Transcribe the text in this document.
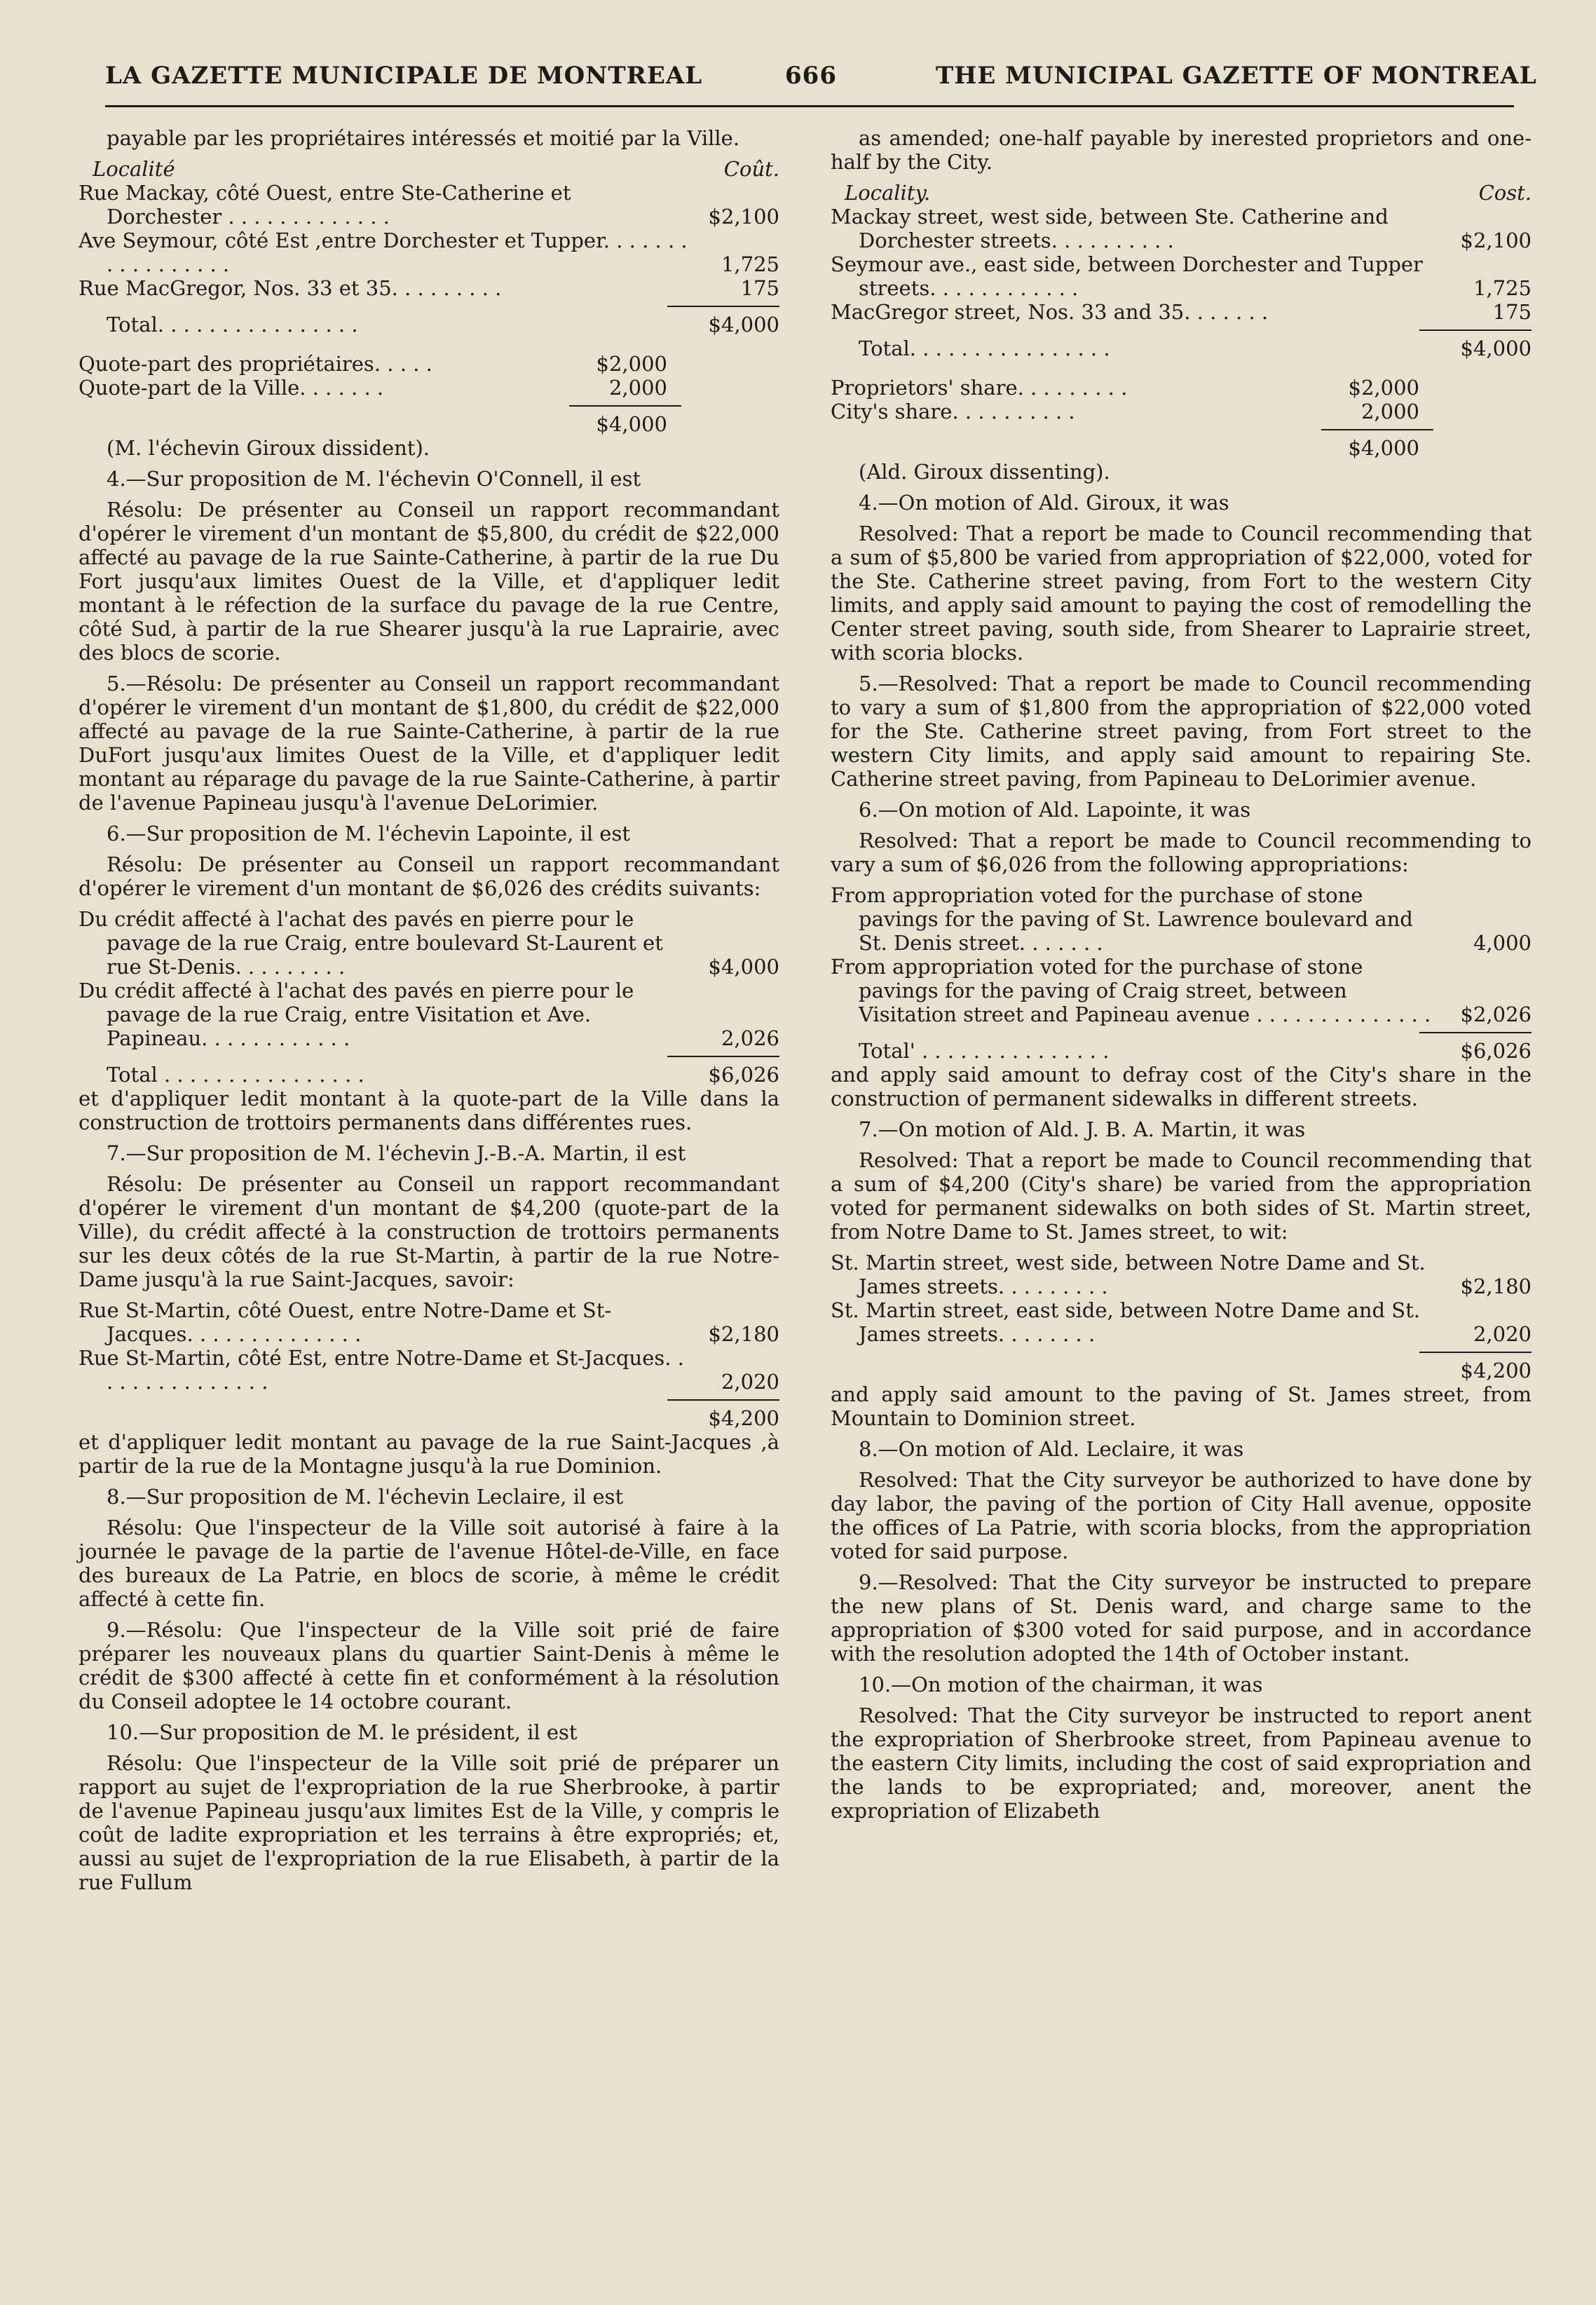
LA GAZETTE MUNICIPALE DE MONTREAL	666	THE MUNICIPAL GAZETTE OF MONTREAL

payable par les propriétaires intéressés et moitié par la Ville.

Localité	Coût.
Rue Mackay, côté Ouest, entre Ste-Catherine et Dorchester . . . . . . . . . . . . .	$2,100
Ave Seymour, côté Est ,entre Dorchester et Tupper. . . . . . . . . . . . . . . . .	1,725
Rue MacGregor, Nos. 33 et 35. . . . . . . . .	175
Total. . . . . . . . . . . . . . . .	$4,000
Quote-part des propriétaires. . . . .	$2,000
Quote-part de la Ville. . . . . . .	2,000
$4,000

(M. l'échevin Giroux dissident).

4.—Sur proposition de M. l'échevin O'Connell, il est

Résolu: De présenter au Conseil un rapport recommandant d'opérer le virement d'un montant de $5,800, du crédit de $22,000 affecté au pavage de la rue Sainte-Catherine, à partir de la rue Du Fort jusqu'aux limites Ouest de la Ville, et d'appliquer ledit montant à le réfection de la surface du pavage de la rue Centre, côté Sud, à partir de la rue Shearer jusqu'à la rue Laprairie, avec des blocs de scorie.

5.—Résolu: De présenter au Conseil un rapport recommandant d'opérer le virement d'un montant de $1,800, du crédit de $22,000 affecté au pavage de la rue Sainte-Catherine, à partir de la rue DuFort jusqu'aux limites Ouest de la Ville, et d'appliquer ledit montant au réparage du pavage de la rue Sainte-Catherine, à partir de l'avenue Papineau jusqu'à l'avenue DeLorimier.

6.—Sur proposition de M. l'échevin Lapointe, il est

Résolu: De présenter au Conseil un rapport recommandant d'opérer le virement d'un montant de $6,026 des crédits suivants:

Du crédit affecté à l'achat des pavés en pierre pour le pavage de la rue Craig, entre boulevard St-Laurent et rue St-Denis. . . . . . . . .	$4,000
Du crédit affecté à l'achat des pavés en pierre pour le pavage de la rue Craig, entre Visitation et Ave. Papineau. . . . . . . . . . . .	2,026
Total . . . . . . . . . . . . . . . .	$6,026

et d'appliquer ledit montant à la quote-part de la Ville dans la construction de trottoirs permanents dans différentes rues.

7.—Sur proposition de M. l'échevin J.-B.-A. Martin, il est

Résolu: De présenter au Conseil un rapport recommandant d'opérer le virement d'un montant de $4,200 (quote-part de la Ville), du crédit affecté à la construction de trottoirs permanents sur les deux côtés de la rue St-Martin, à partir de la rue Notre-Dame jusqu'à la rue Saint-Jacques, savoir:

Rue St-Martin, côté Ouest, entre Notre-Dame et St-Jacques. . . . . . . . . . . . . .	$2,180
Rue St-Martin, côté Est, entre Notre-Dame et St-Jacques. . . . . . . . . . . . . . .	2,020
$4,200

et d'appliquer ledit montant au pavage de la rue Saint-Jacques ,à partir de la rue de la Montagne jusqu'à la rue Dominion.

8.—Sur proposition de M. l'échevin Leclaire, il est

Résolu: Que l'inspecteur de la Ville soit autorisé à faire à la journée le pavage de la partie de l'avenue Hôtel-de-Ville, en face des bureaux de La Patrie, en blocs de scorie, à même le crédit affecté à cette fin.

9.—Résolu: Que l'inspecteur de la Ville soit prié de faire préparer les nouveaux plans du quartier Saint-Denis à même le crédit de $300 affecté à cette fin et conformément à la résolution du Conseil adoptee le 14 octobre courant.

10.—Sur proposition de M. le président, il est

Résolu: Que l'inspecteur de la Ville soit prié de préparer un rapport au sujet de l'expropriation de la rue Sherbrooke, à partir de l'avenue Papineau jusqu'aux limites Est de la Ville, y compris le coût de ladite expropriation et les terrains à être expropriés; et, aussi au sujet de l'expropriation de la rue Elisabeth, à partir de la rue Fullum

as amended; one-half payable by inerested proprietors and one-half by the City.

Locality.	Cost.
Mackay street, west side, between Ste. Catherine and Dorchester streets. . . . . . . . . .	$2,100
Seymour ave., east side, between Dorchester and Tupper streets. . . . . . . . . . . .	1,725
MacGregor street, Nos. 33 and 35. . . . . . .	175
Total. . . . . . . . . . . . . . . .	$4,000
Proprietors' share. . . . . . . . .	$2,000
City's share. . . . . . . . . .	2,000
$4,000

(Ald. Giroux dissenting).

4.—On motion of Ald. Giroux, it was

Resolved: That a report be made to Council recommending that a sum of $5,800 be varied from appropriation of $22,000, voted for the Ste. Catherine street paving, from Fort to the western City limits, and apply said amount to paying the cost of remodelling the Center street paving, south side, from Shearer to Laprairie street, with scoria blocks.

5.—Resolved: That a report be made to Council recommending to vary a sum of $1,800 from the appropriation of $22,000 voted for the Ste. Catherine street paving, from Fort street to the western City limits, and apply said amount to repairing Ste. Catherine street paving, from Papineau to DeLorimier avenue.

6.—On motion of Ald. Lapointe, it was

Resolved: That a report be made to Council recommending to vary a sum of $6,026 from the following appropriations:

From appropriation voted for the purchase of stone pavings for the paving of St. Lawrence boulevard and St. Denis street. . . . . . .	4,000
From appropriation voted for the purchase of stone pavings for the paving of Craig street, between Visitation street and Papineau avenue . . . . . . . . . . . . . .	$2,026
Total' . . . . . . . . . . . . . . .	$6,026

and apply said amount to defray cost of the City's share in the construction of permanent sidewalks in different streets.

7.—On motion of Ald. J. B. A. Martin, it was

Resolved: That a report be made to Council recommending that a sum of $4,200 (City's share) be varied from the appropriation voted for permanent sidewalks on both sides of St. Martin street, from Notre Dame to St. James street, to wit:

St. Martin street, west side, between Notre Dame and St. James streets. . . . . . . . .	$2,180
St. Martin street, east side, between Notre Dame and St. James streets. . . . . . . .	2,020
$4,200

and apply said amount to the paving of St. James street, from Mountain to Dominion street.

8.—On motion of Ald. Leclaire, it was

Resolved: That the City surveyor be authorized to have done by day labor, the paving of the portion of City Hall avenue, opposite the offices of La Patrie, with scoria blocks, from the appropriation voted for said purpose.

9.—Resolved: That the City surveyor be instructed to prepare the new plans of St. Denis ward, and charge same to the appropriation of $300 voted for said purpose, and in accordance with the resolution adopted the 14th of October instant.

10.—On motion of the chairman, it was

Resolved: That the City surveyor be instructed to report anent the expropriation of Sherbrooke street, from Papineau avenue to the eastern City limits, including the cost of said expropriation and the lands to be expropriated; and, moreover, anent the expropriation of Elizabeth
